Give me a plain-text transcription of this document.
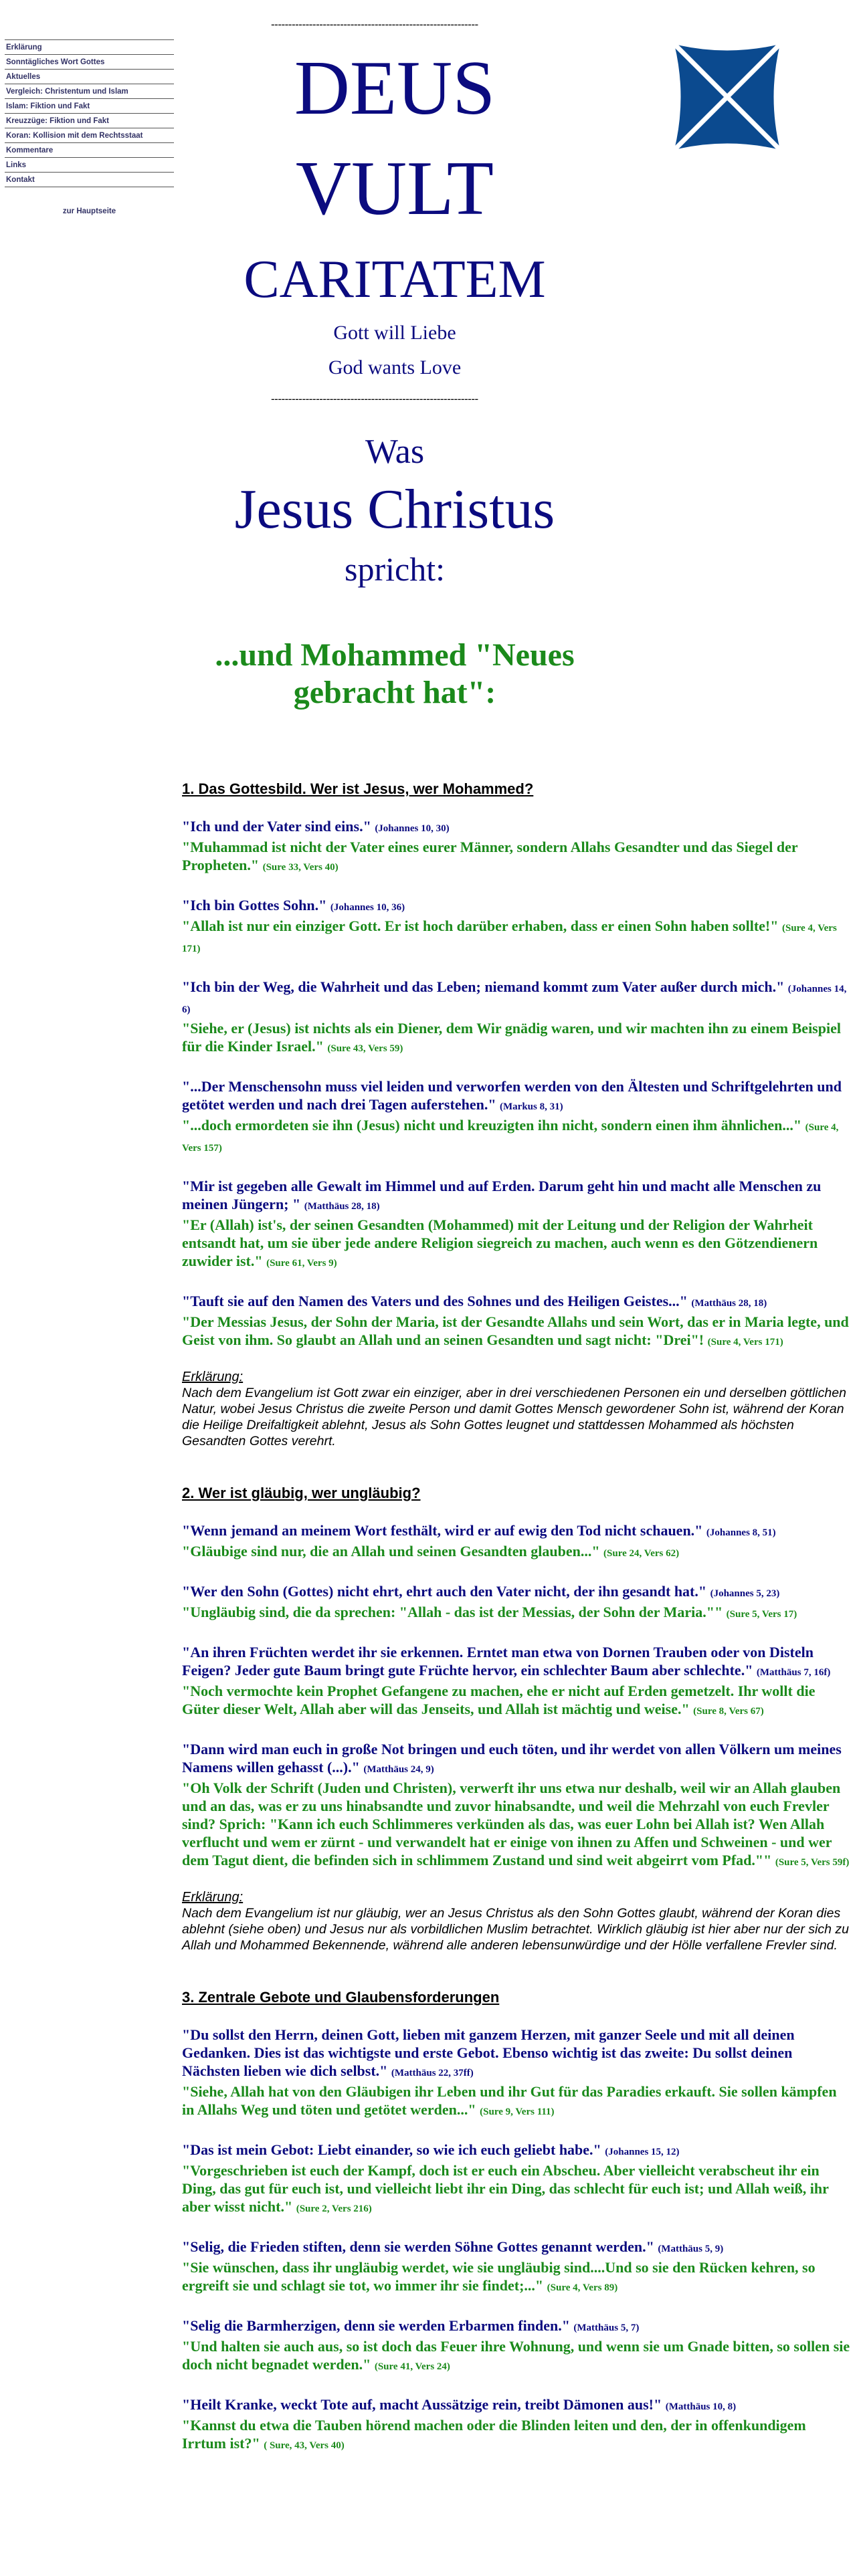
Erklärung
Sonntägliches Wort Gottes
Aktuelles
Vergleich: Christentum und Islam
Islam: Fiktion und Fakt
Kreuzzüge: Fiktion und Fakt
Koran: Kollision mit dem Rechtsstaat
Kommentare
Links
Kontakt
zur Hauptseite
------------------------------------------------------------
DEUS
VULT
CARITATEM
Gott will Liebe
God wants Love
------------------------------------------------------------
Was
Jesus Christus
spricht:
...und Mohammed "Neues gebracht hat":

1. Das Gottesbild. Wer ist Jesus, wer Mohammed?

"Ich und der Vater sind eins." (Johannes 10, 30)
"Muhammad ist nicht der Vater eines eurer Männer, sondern Allahs Gesandter und das Siegel der Propheten." (Sure 33, Vers 40)

"Ich bin Gottes Sohn." (Johannes 10, 36)
"Allah ist nur ein einziger Gott. Er ist hoch darüber erhaben, dass er einen Sohn haben sollte!" (Sure 4, Vers 171)

"Ich bin der Weg, die Wahrheit und das Leben; niemand kommt zum Vater außer durch mich." (Johannes 14, 6)
"Siehe, er (Jesus) ist nichts als ein Diener, dem Wir gnädig waren, und wir machten ihn zu einem Beispiel für die Kinder Israel." (Sure 43, Vers 59)

"...Der Menschensohn muss viel leiden und verworfen werden von den Ältesten und Schriftgelehrten und getötet werden und nach drei Tagen auferstehen." (Markus 8, 31)
"...doch ermordeten sie ihn (Jesus) nicht und kreuzigten ihn nicht, sondern einen ihm ähnlichen..." (Sure 4, Vers 157)

"Mir ist gegeben alle Gewalt im Himmel und auf Erden. Darum geht hin und macht alle Menschen zu meinen Jüngern; " (Matthäus 28, 18)
"Er (Allah) ist's, der seinen Gesandten (Mohammed) mit der Leitung und der Religion der Wahrheit entsandt hat, um sie über jede andere Religion siegreich zu machen, auch wenn es den Götzendienern zuwider ist." (Sure 61, Vers 9)

"Tauft sie auf den Namen des Vaters und des Sohnes und des Heiligen Geistes..." (Matthäus 28, 18)
"Der Messias Jesus, der Sohn der Maria, ist der Gesandte Allahs und sein Wort, das er in Maria legte, und Geist von ihm. So glaubt an Allah und an seinen Gesandten und sagt nicht: "Drei"! (Sure 4, Vers 171)

Erklärung:

Nach dem Evangelium ist Gott zwar ein einziger, aber in drei verschiedenen Personen ein und derselben göttlichen Natur, wobei Jesus Christus die zweite Person und damit Gottes Mensch gewordener Sohn ist, während der Koran die Heilige Dreifaltigkeit ablehnt, Jesus als Sohn Gottes leugnet und stattdessen Mohammed als höchsten Gesandten Gottes verehrt.

2. Wer ist gläubig, wer ungläubig?

"Wenn jemand an meinem Wort festhält, wird er auf ewig den Tod nicht schauen." (Johannes 8, 51)
"Gläubige sind nur, die an Allah und seinen Gesandten glauben..." (Sure 24, Vers 62)

"Wer den Sohn (Gottes) nicht ehrt, ehrt auch den Vater nicht, der ihn gesandt hat." (Johannes 5, 23)
"Ungläubig sind, die da sprechen: "Allah - das ist der Messias, der Sohn der Maria."" (Sure 5, Vers 17)

"An ihren Früchten werdet ihr sie erkennen. Erntet man etwa von Dornen Trauben oder von Disteln Feigen? Jeder gute Baum bringt gute Früchte hervor, ein schlechter Baum aber schlechte." (Matthäus 7, 16f)
"Noch vermochte kein Prophet Gefangene zu machen, ehe er nicht auf Erden gemetzelt. Ihr wollt die Güter dieser Welt, Allah aber will das Jenseits, und Allah ist mächtig und weise." (Sure 8, Vers 67)

"Dann wird man euch in große Not bringen und euch töten, und ihr werdet von allen Völkern um meines Namens willen gehasst (...)." (Matthäus 24, 9)
"Oh Volk der Schrift (Juden und Christen), verwerft ihr uns etwa nur deshalb, weil wir an Allah glauben und an das, was er zu uns hinabsandte und zuvor hinabsandte, und weil die Mehrzahl von euch Frevler sind? Sprich: "Kann ich euch Schlimmeres verkünden als das, was euer Lohn bei Allah ist? Wen Allah verflucht und wem er zürnt - und verwandelt hat er einige von ihnen zu Affen und Schweinen - und wer dem Tagut dient, die befinden sich in schlimmem Zustand und sind weit abgeirrt vom Pfad."" (Sure 5, Vers 59f)

Erklärung:

Nach dem Evangelium ist nur gläubig, wer an Jesus Christus als den Sohn Gottes glaubt, während der Koran dies ablehnt (siehe oben) und Jesus nur als vorbildlichen Muslim betrachtet. Wirklich gläubig ist hier aber nur der sich zu Allah und Mohammed Bekennende, während alle anderen lebensunwürdige und der Hölle verfallene Frevler sind.

3. Zentrale Gebote und Glaubensforderungen

"Du sollst den Herrn, deinen Gott, lieben mit ganzem Herzen, mit ganzer Seele und mit all deinen Gedanken. Dies ist das wichtigste und erste Gebot. Ebenso wichtig ist das zweite: Du sollst deinen Nächsten lieben wie dich selbst." (Matthäus 22, 37ff)
"Siehe, Allah hat von den Gläubigen ihr Leben und ihr Gut für das Paradies erkauft. Sie sollen kämpfen in Allahs Weg und töten und getötet werden..." (Sure 9, Vers 111)

"Das ist mein Gebot: Liebt einander, so wie ich euch geliebt habe." (Johannes 15, 12)
"Vorgeschrieben ist euch der Kampf, doch ist er euch ein Abscheu. Aber vielleicht verabscheut ihr ein Ding, das gut für euch ist, und vielleicht liebt ihr ein Ding, das schlecht für euch ist; und Allah weiß, ihr aber wisst nicht." (Sure 2, Vers 216)

"Selig, die Frieden stiften, denn sie werden Söhne Gottes genannt werden." (Matthäus 5, 9)
"Sie wünschen, dass ihr ungläubig werdet, wie sie ungläubig sind....Und so sie den Rücken kehren, so ergreift sie und schlagt sie tot, wo immer ihr sie findet;..." (Sure 4, Vers 89)

"Selig die Barmherzigen, denn sie werden Erbarmen finden." (Matthäus 5, 7)
"Und halten sie auch aus, so ist doch das Feuer ihre Wohnung, und wenn sie um Gnade bitten, so sollen sie doch nicht begnadet werden." (Sure 41, Vers 24)

"Heilt Kranke, weckt Tote auf, macht Aussätzige rein, treibt Dämonen aus!" (Matthäus 10, 8)
"Kannst du etwa die Tauben hörend machen oder die Blinden leiten und den, der in offenkundigem Irrtum ist?" ( Sure, 43, Vers 40)
